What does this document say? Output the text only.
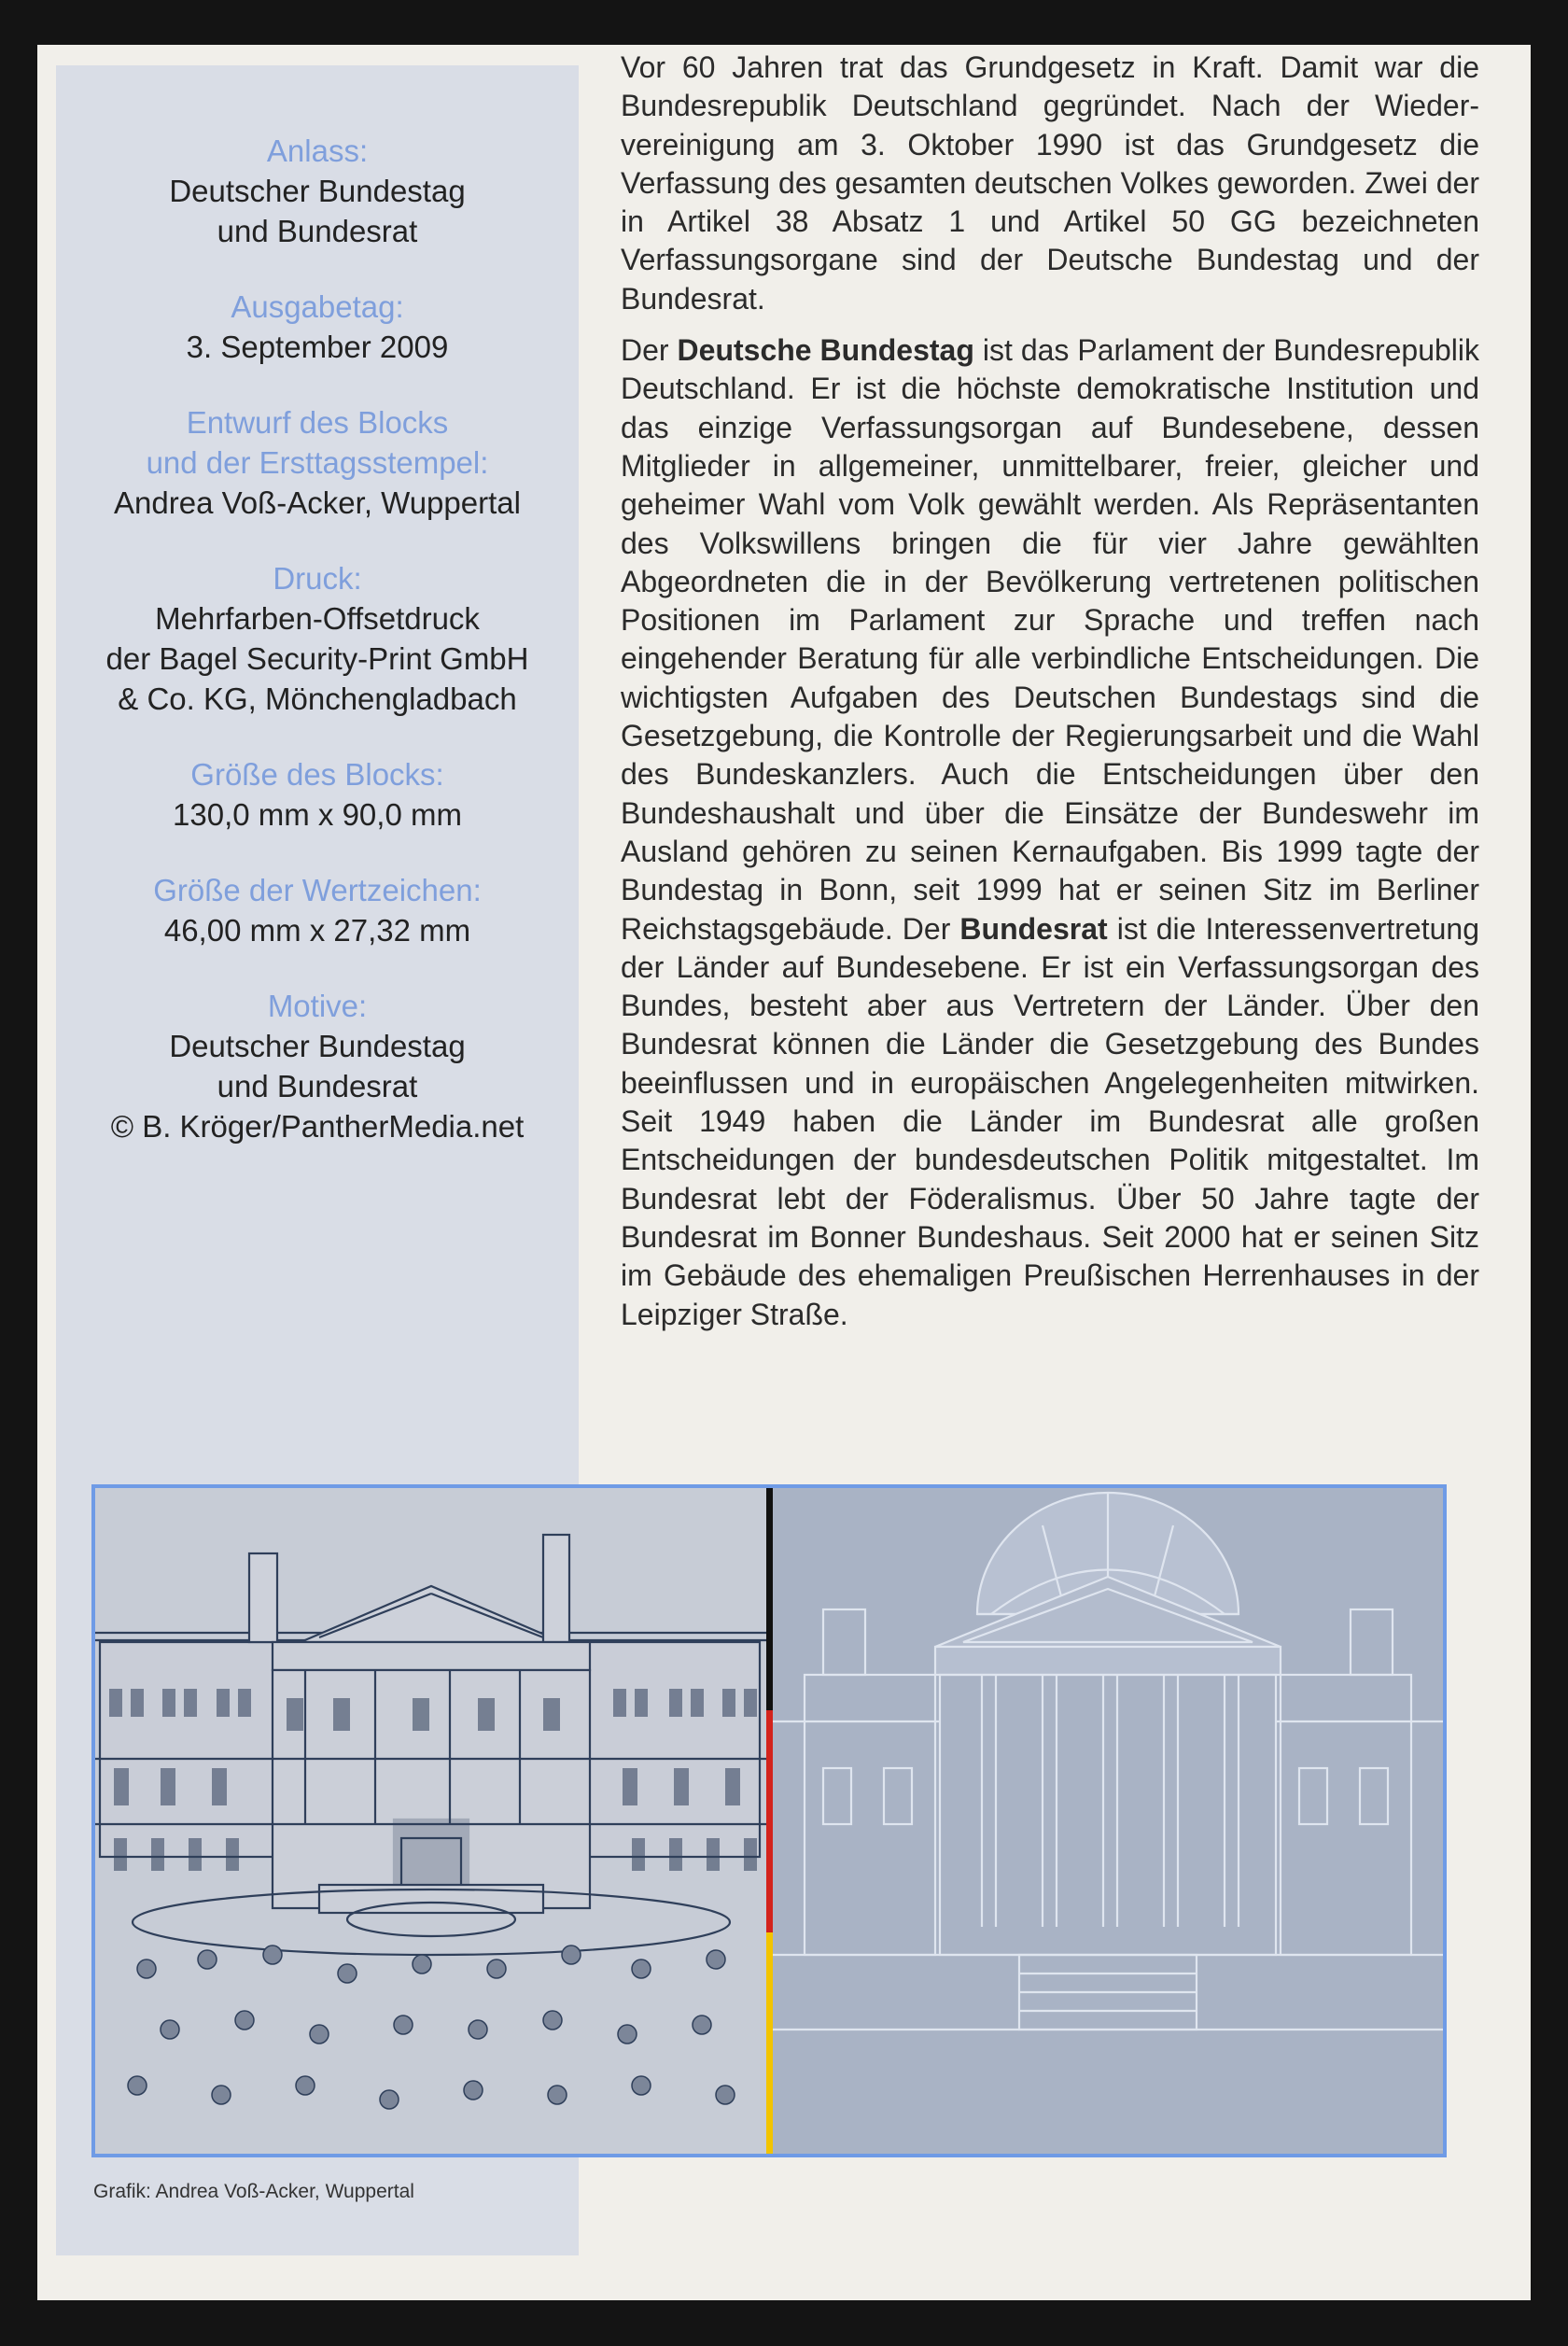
Anlass:

Deutscher Bundestag

und Bundesrat

Ausgabetag:

3. September 2009

Entwurf des Blocks

und der Ersttagsstempel:

Andrea Voß-Acker, Wuppertal

Druck:

Mehrfarben-Offsetdruck

der Bagel Security-Print GmbH

& Co. KG, Mönchengladbach

Größe des Blocks:

130,0 mm x 90,0 mm

Größe der Wertzeichen:

46,00 mm x 27,32 mm

Motive:

Deutscher Bundestag

und Bundesrat

© B. Kröger/PantherMedia.net

Vor 60 Jahren trat das Grundgesetz in Kraft. Damit war die Bundesrepublik Deutschland gegründet. Nach der Wiedervereinigung am 3. Oktober 1990 ist das Grundgesetz die Verfassung des gesamten deutschen Volkes geworden. Zwei der in Artikel 38 Absatz 1 und Artikel 50 GG bezeichneten Verfassungsorgane sind der Deutsche Bundestag und der Bundesrat.

Der Deutsche Bundestag ist das Parlament der Bundesrepublik Deutschland. Er ist die höchste demokratische Institution und das einzige Verfassungsorgan auf Bundesebene, dessen Mitglieder in allgemeiner, unmittelbarer, freier, gleicher und geheimer Wahl vom Volk gewählt werden. Als Repräsentanten des Volkswillens bringen die für vier Jahre gewählten Abgeordneten die in der Bevölkerung vertretenen politischen Positionen im Parlament zur Sprache und treffen nach eingehender Beratung für alle verbindliche Entscheidungen. Die wichtigsten Aufgaben des Deutschen Bundestags sind die Gesetzgebung, die Kontrolle der Regierungsarbeit und die Wahl des Bundeskanzlers. Auch die Entscheidungen über den Bundeshaushalt und über die Einsätze der Bundeswehr im Ausland gehören zu seinen Kernaufgaben. Bis 1999 tagte der Bundestag in Bonn, seit 1999 hat er seinen Sitz im Berliner Reichstagsgebäude. Der Bundesrat ist die Interessenvertretung der Länder auf Bundesebene. Er ist ein Verfassungsorgan des Bundes, besteht aber aus Vertretern der Länder. Über den Bundesrat können die Länder die Gesetzgebung des Bundes beeinflussen und in europäischen Angelegenheiten mitwirken. Seit 1949 haben die Länder im Bundesrat alle großen Entscheidungen der bundesdeutschen Politik mitgestaltet. Im Bundesrat lebt der Föderalismus. Über 50 Jahre tagte der Bundesrat im Bonner Bundeshaus. Seit 2000 hat er seinen Sitz im Gebäude des ehemaligen Preußischen Herrenhauses in der Leipziger Straße.

Grafik: Andrea Voß-Acker, Wuppertal
